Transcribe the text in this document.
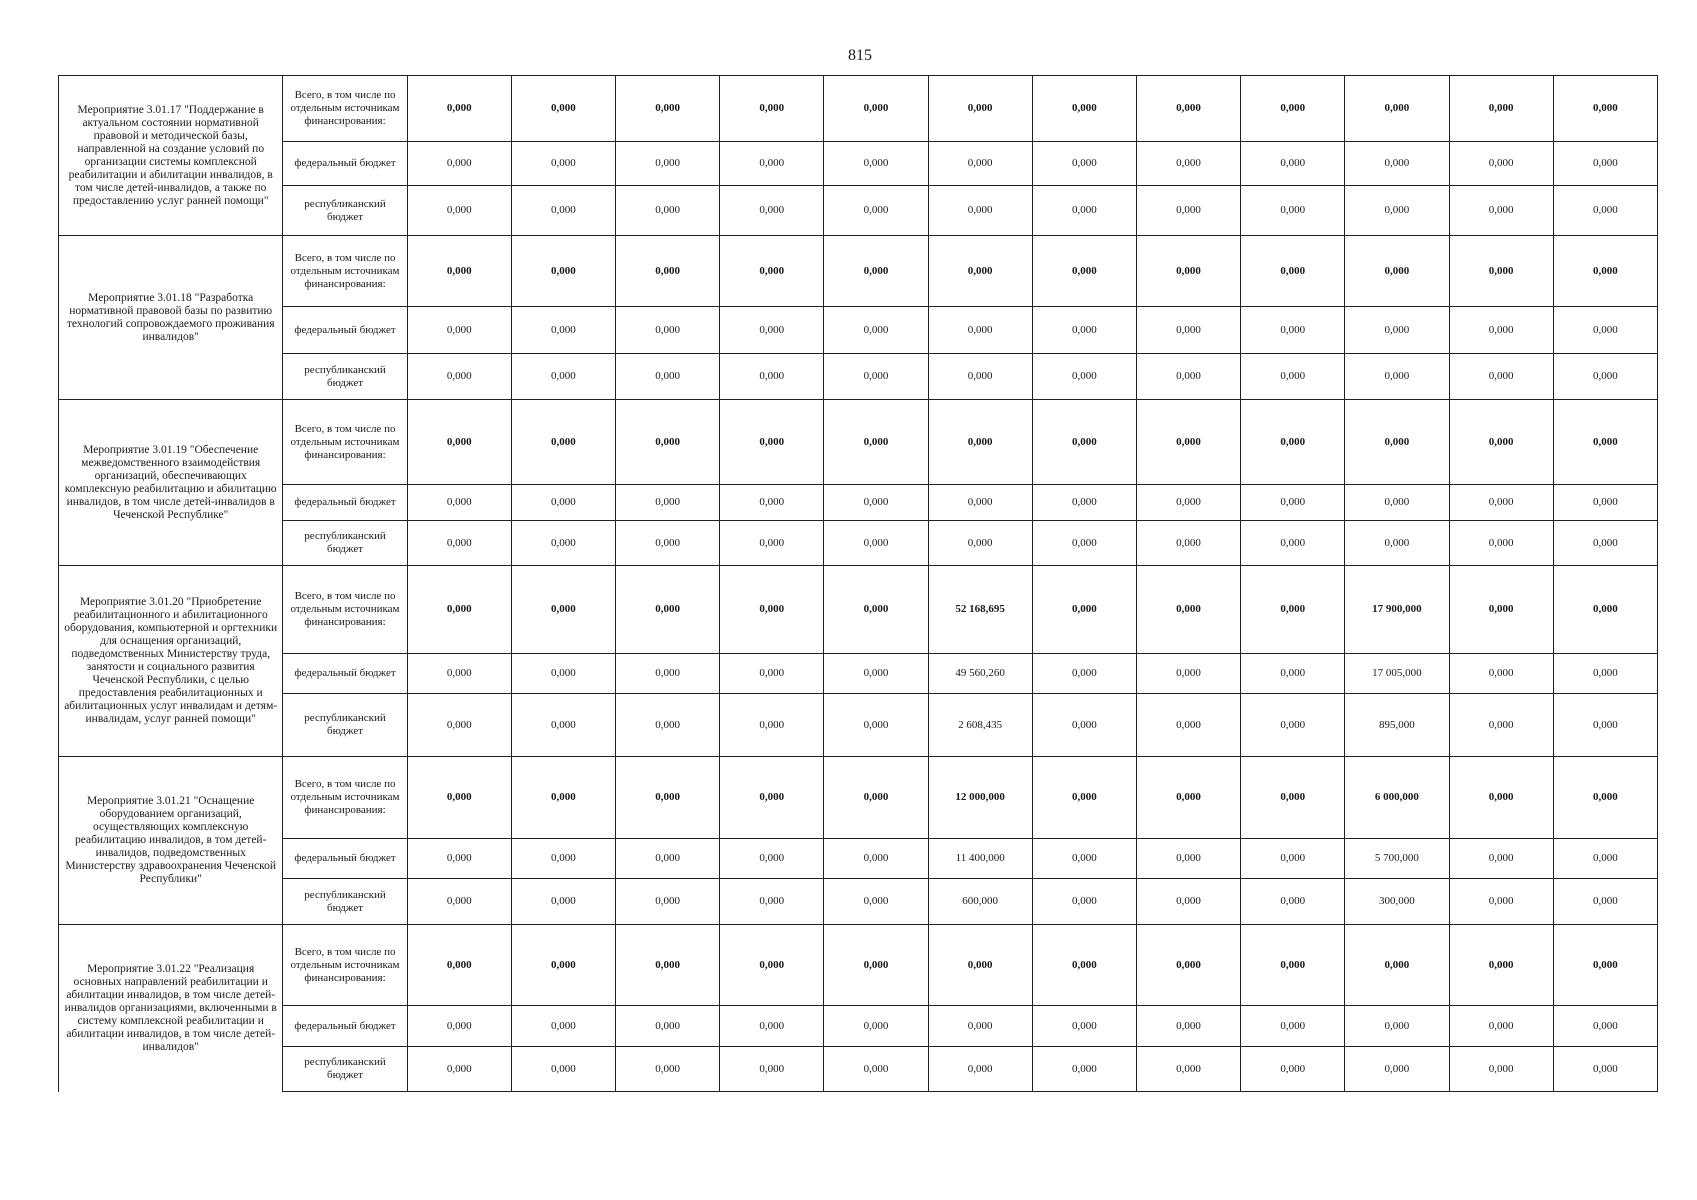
815
Мероприятие 3.01.17 "Поддержание в актуальном состоянии нормативной правовой и методической базы, направленной на создание условий по организации системы комплексной реабилитации и абилитации инвалидов, в том числе детей-инвалидов, а также по предоставлению услуг ранней помощи"	Всего, в том числе по отдельным источникам финансирования:	0,000	0,000	0,000	0,000	0,000	0,000	0,000	0,000	0,000	0,000	0,000	0,000
	федеральный бюджет	0,000	0,000	0,000	0,000	0,000	0,000	0,000	0,000	0,000	0,000	0,000	0,000
	республиканский бюджет	0,000	0,000	0,000	0,000	0,000	0,000	0,000	0,000	0,000	0,000	0,000	0,000
Мероприятие 3.01.18 "Разработка нормативной правовой базы по развитию технологий сопровождаемого проживания инвалидов"	Всего, в том числе по отдельным источникам финансирования:	0,000	0,000	0,000	0,000	0,000	0,000	0,000	0,000	0,000	0,000	0,000	0,000
	федеральный бюджет	0,000	0,000	0,000	0,000	0,000	0,000	0,000	0,000	0,000	0,000	0,000	0,000
	республиканский бюджет	0,000	0,000	0,000	0,000	0,000	0,000	0,000	0,000	0,000	0,000	0,000	0,000
Мероприятие 3.01.19 "Обеспечение межведомственного взаимодействия организаций, обеспечивающих комплексную реабилитацию и абилитацию инвалидов, в том числе детей-инвалидов в Чеченской Республике"	Всего, в том числе по отдельным источникам финансирования:	0,000	0,000	0,000	0,000	0,000	0,000	0,000	0,000	0,000	0,000	0,000	0,000
	федеральный бюджет	0,000	0,000	0,000	0,000	0,000	0,000	0,000	0,000	0,000	0,000	0,000	0,000
	республиканский бюджет	0,000	0,000	0,000	0,000	0,000	0,000	0,000	0,000	0,000	0,000	0,000	0,000
Мероприятие 3.01.20 "Приобретение реабилитационного и абилитационного оборудования, компьютерной и оргтехники для оснащения организаций, подведомственных Министерству труда, занятости и социального развития Чеченской Республики, с целью предоставления реабилитационных и абилитационных услуг инвалидам и детям-инвалидам, услуг ранней помощи"	Всего, в том числе по отдельным источникам финансирования:	0,000	0,000	0,000	0,000	0,000	52 168,695	0,000	0,000	0,000	17 900,000	0,000	0,000
	федеральный бюджет	0,000	0,000	0,000	0,000	0,000	49 560,260	0,000	0,000	0,000	17 005,000	0,000	0,000
	республиканский бюджет	0,000	0,000	0,000	0,000	0,000	2 608,435	0,000	0,000	0,000	895,000	0,000	0,000
Мероприятие 3.01.21 "Оснащение оборудованием организаций, осуществляющих комплексную реабилитацию инвалидов, в том детей-инвалидов, подведомственных Министерству здравоохранения Чеченской Республики"	Всего, в том числе по отдельным источникам финансирования:	0,000	0,000	0,000	0,000	0,000	12 000,000	0,000	0,000	0,000	6 000,000	0,000	0,000
	федеральный бюджет	0,000	0,000	0,000	0,000	0,000	11 400,000	0,000	0,000	0,000	5 700,000	0,000	0,000
	республиканский бюджет	0,000	0,000	0,000	0,000	0,000	600,000	0,000	0,000	0,000	300,000	0,000	0,000
Мероприятие 3.01.22 "Реализация основных направлений реабилитации и абилитации инвалидов, в том числе детей-инвалидов организациями, включенными в систему комплексной реабилитации и абилитации инвалидов, в том числе детей-инвалидов"	Всего, в том числе по отдельным источникам финансирования:	0,000	0,000	0,000	0,000	0,000	0,000	0,000	0,000	0,000	0,000	0,000	0,000
	федеральный бюджет	0,000	0,000	0,000	0,000	0,000	0,000	0,000	0,000	0,000	0,000	0,000	0,000
	республиканский бюджет	0,000	0,000	0,000	0,000	0,000	0,000	0,000	0,000	0,000	0,000	0,000	0,000
